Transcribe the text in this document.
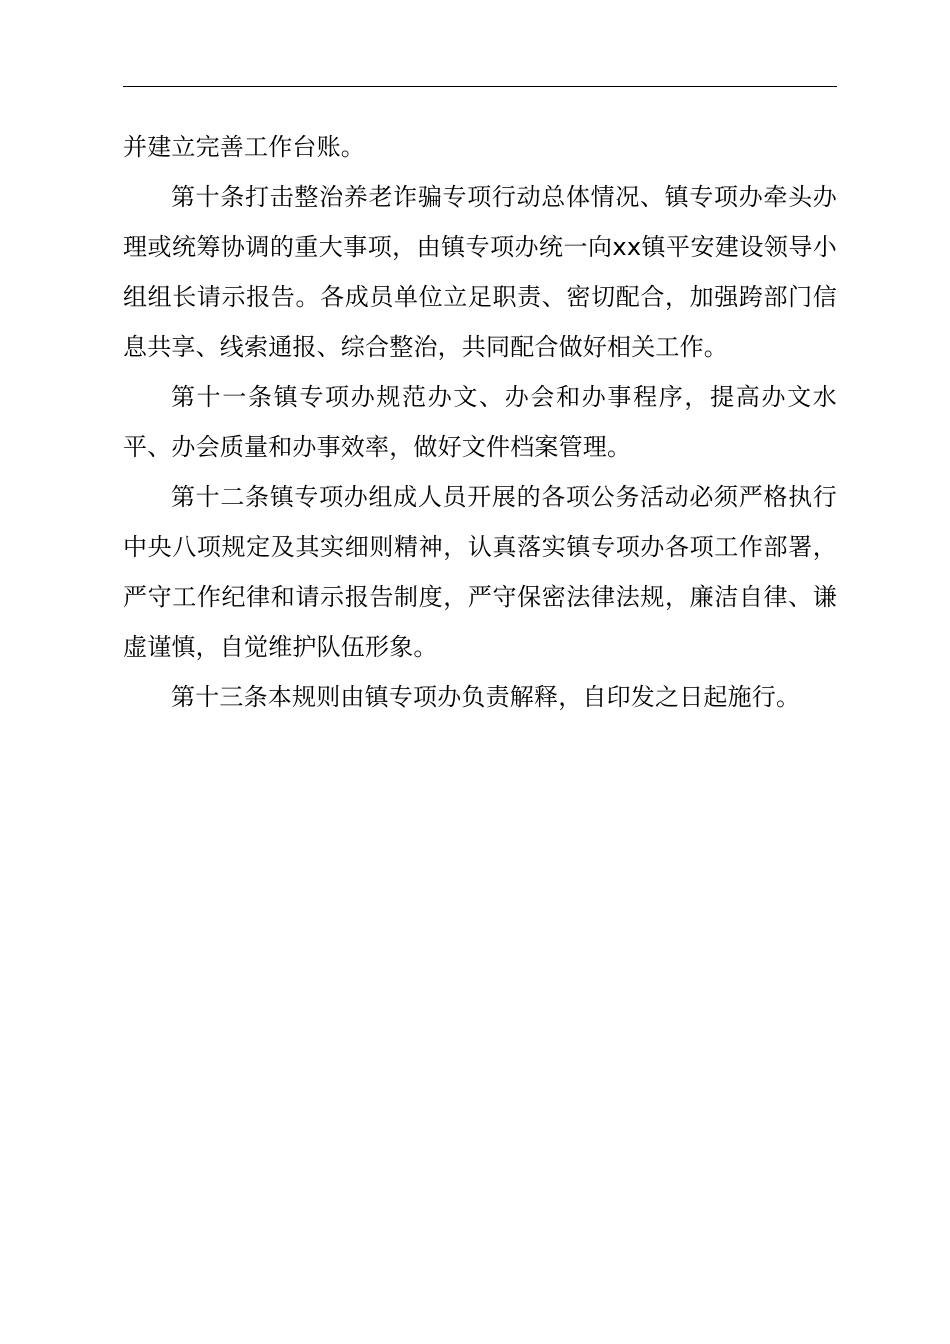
并建立完善工作台账。

第十条打击整治养老诈骗专项行动总体情况、镇专项办牵头办理或统筹协调的重大事项，由镇专项办统一向xx镇平安建设领导小组组长请示报告。各成员单位立足职责、密切配合，加强跨部门信息共享、线索通报、综合整治，共同配合做好相关工作。

第十一条镇专项办规范办文、办会和办事程序，提高办文水平、办会质量和办事效率，做好文件档案管理。

第十二条镇专项办组成人员开展的各项公务活动必须严格执行中央八项规定及其实细则精神，认真落实镇专项办各项工作部署，严守工作纪律和请示报告制度，严守保密法律法规，廉洁自律、谦虚谨慎，自觉维护队伍形象。

第十三条本规则由镇专项办负责解释，自印发之日起施行。
